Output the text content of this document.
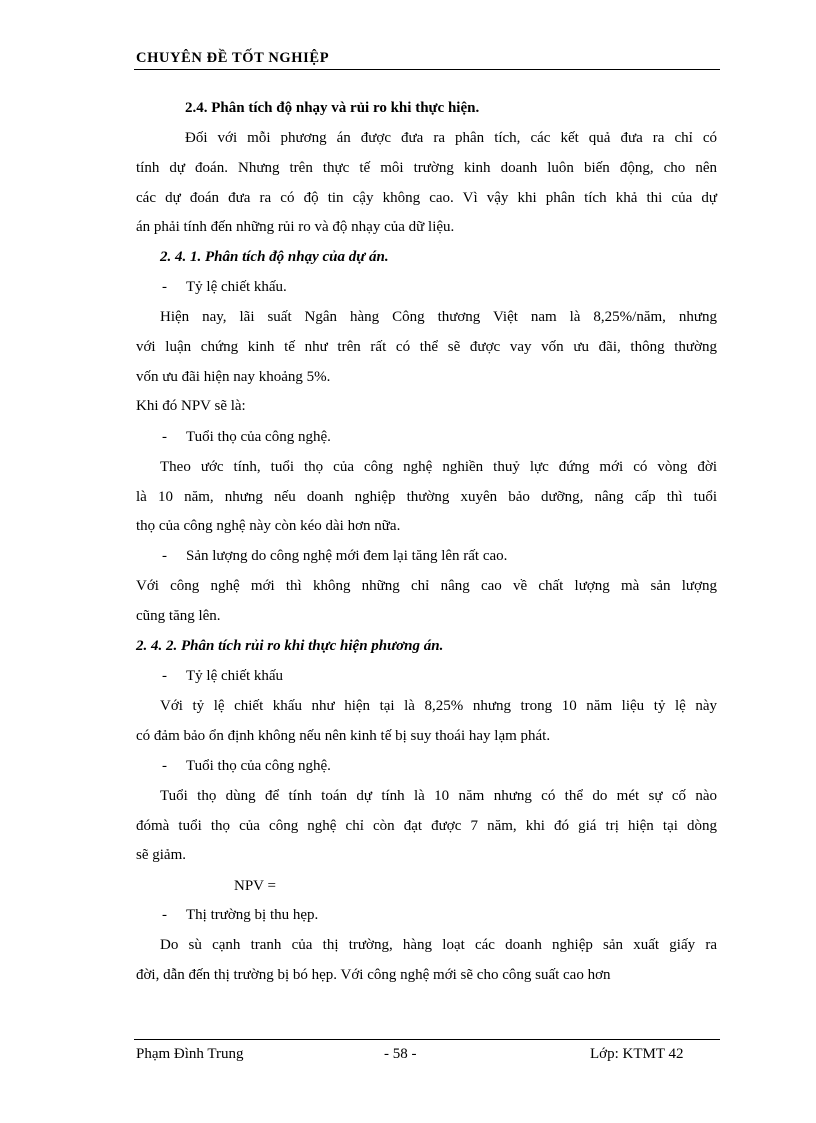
CHUYÊN ĐỀ TỐT NGHIỆP
2.4. Phân tích độ nhạy và rủi ro khi thực hiện.
Đối với mỗi phương án được đưa ra phân tích, các kết quả đưa ra chỉ có
tính dự đoán. Nhưng trên thực tế môi trường kinh doanh luôn biến động, cho nên
các dự đoán đưa ra có độ tin cậy không cao. Vì vậy khi phân tích khả thi của dự
án phải tính đến những rủi ro và độ nhạy của dữ liệu.
2. 4. 1. Phân tích độ nhạy của dự án.
- Tỷ lệ chiết khấu.
Hiện nay, lãi suất Ngân hàng Công thương Việt nam là 8,25%/năm, nhưng
với luận chứng kinh tế như trên rất có thể sẽ được vay vốn ưu đãi, thông thường
vốn ưu đãi hiện nay khoảng 5%.
Khi đó NPV sẽ là:
- Tuổi thọ của công nghệ.
Theo ước tính, tuổi thọ của công nghệ nghiền thuỷ lực đứng mới có vòng đời
là 10 năm, nhưng nếu doanh nghiệp thường xuyên bảo dưỡng, nâng cấp thì tuổi
thọ của công nghệ này còn kéo dài hơn nữa.
- Sản lượng do công nghệ mới đem lại tăng lên rất cao.
Với công nghệ mới thì không những chỉ nâng cao về chất lượng mà sản lượng
cũng tăng lên.
2. 4. 2. Phân tích rủi ro khi thực hiện phương án.
- Tỷ lệ chiết khấu
Với tỷ lệ chiết khấu như hiện tại là 8,25% nhưng trong 10 năm liệu tỷ lệ này
có đảm bảo ổn định không nếu nên kinh tế bị suy thoái hay lạm phát.
- Tuổi thọ của công nghệ.
Tuổi thọ dùng để tính toán dự tính là 10 năm nhưng có thể do mét sự cố nào
đómà tuổi thọ của công nghệ chỉ còn đạt được 7 năm, khi đó giá trị hiện tại dòng
sẽ giảm.
NPV =
- Thị trường bị thu hẹp.
Do sù cạnh tranh của thị trường, hàng loạt các doanh nghiệp sản xuất giấy ra
đời, dẫn đến thị trường bị bó hẹp. Với công nghệ mới sẽ cho công suất cao hơn
Phạm Đình Trung	- 58 -	Lớp: KTMT 42
